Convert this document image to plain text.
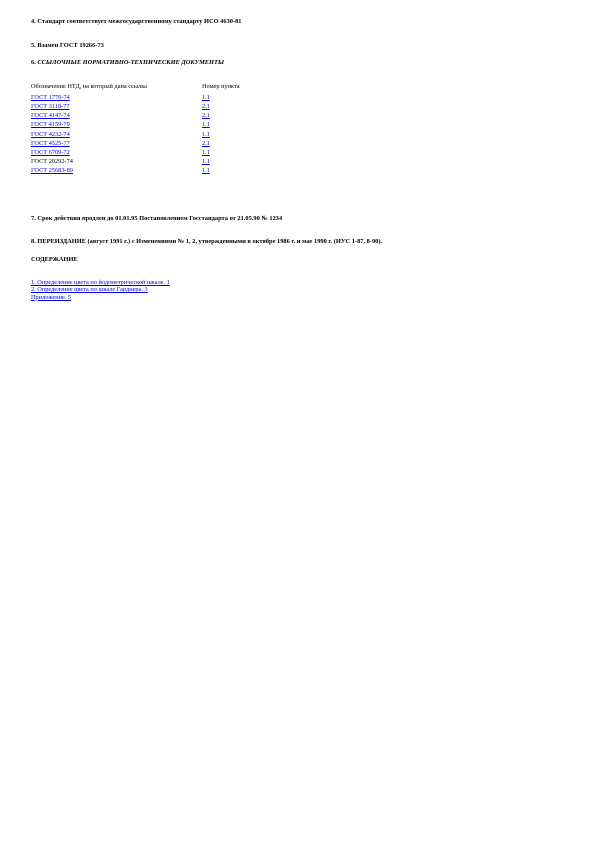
4. Стандарт соответствует межгосударственному стандарту ИСО 4630-81
5. Взамен ГОСТ 19266-73
6. ССЫЛОЧНЫЕ НОРМАТИВНО-ТЕХНИЧЕСКИЕ ДОКУМЕНТЫ
Обозначение НТД, на который дана ссылка	Номер пункта
ГОСТ 1770-74	1.1
ГОСТ 3118-77	2.1
ГОСТ 4147-74	2.1
ГОСТ 4159-79	1.1
ГОСТ 4232-74	1.1
ГОСТ 4525-77	2.1
ГОСТ 6709-72	1.1
ГОСТ 20292-74	1.1
ГОСТ 25683-89	1.1
7. Срок действия продлен до 01.01.95 Постановлением Госстандарта от 21.05.90 № 1234
8. ПЕРЕИЗДАНИЕ (август 1991 г.) с Изменениями № 1, 2, утвержденными в октябре 1986 г. и мае 1990 г. (ИУС 1-87, 8-90).
СОДЕРЖАНИЕ
1. Определение цвета по йодометрической шкале. 1
2. Определение цвета по шкале Гарднера. 3
Приложение. 5
